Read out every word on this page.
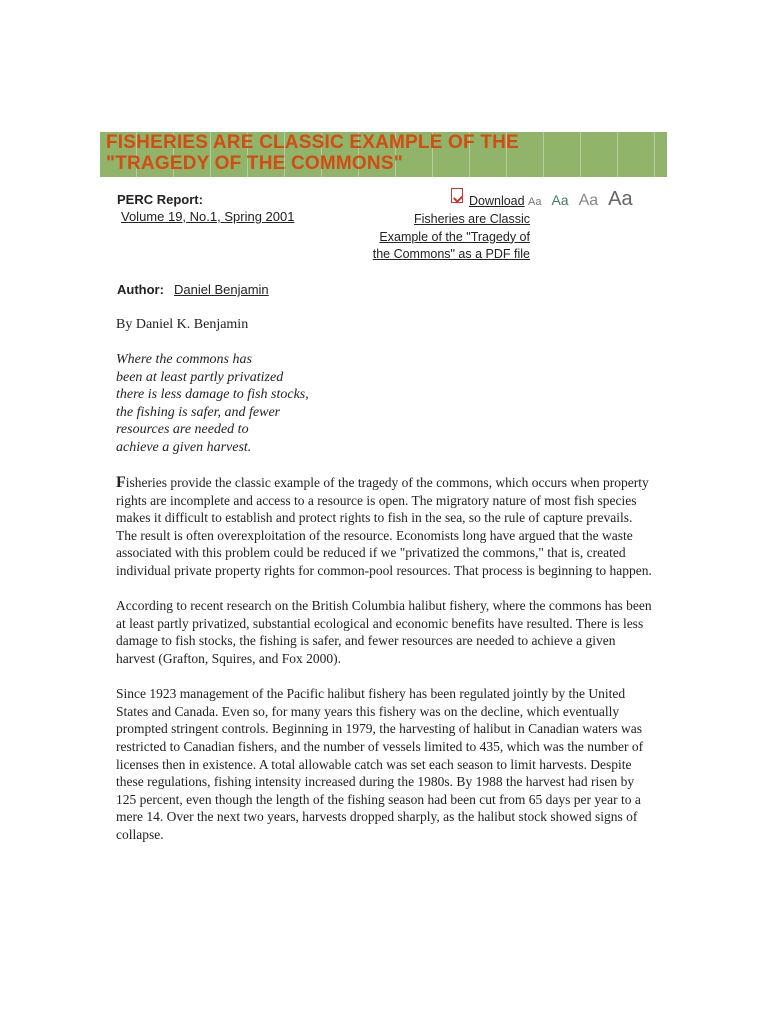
FISHERIES ARE CLASSIC EXAMPLE OF THE
"TRAGEDY OF THE COMMONS"
PERC Report:
Volume 19, No.1, Spring 2001
Download
Fisheries are Classic Example of the "Tragedy of the Commons" as a PDF file
Aa Aa Aa Aa
Author: Daniel Benjamin
By Daniel K. Benjamin
Where the commons has
been at least partly privatized
there is less damage to fish stocks,
the fishing is safer, and fewer
resources are needed to
achieve a given harvest.

Fisheries provide the classic example of the tragedy of the commons, which occurs when property rights are incomplete and access to a resource is open. The migratory nature of most fish species makes it difficult to establish and protect rights to fish in the sea, so the rule of capture prevails. The result is often overexploitation of the resource. Economists long have argued that the waste associated with this problem could be reduced if we "privatized the commons," that is, created individual private property rights for common-pool resources. That process is beginning to happen.

According to recent research on the British Columbia halibut fishery, where the commons has been at least partly privatized, substantial ecological and economic benefits have resulted. There is less damage to fish stocks, the fishing is safer, and fewer resources are needed to achieve a given harvest (Grafton, Squires, and Fox 2000).

Since 1923 management of the Pacific halibut fishery has been regulated jointly by the United States and Canada. Even so, for many years this fishery was on the decline, which eventually prompted stringent controls. Beginning in 1979, the harvesting of halibut in Canadian waters was restricted to Canadian fishers, and the number of vessels limited to 435, which was the number of licenses then in existence. A total allowable catch was set each season to limit harvests. Despite these regulations, fishing intensity increased during the 1980s. By 1988 the harvest had risen by 125 percent, even though the length of the fishing season had been cut from 65 days per year to a mere 14. Over the next two years, harvests dropped sharply, as the halibut stock showed signs of collapse.
